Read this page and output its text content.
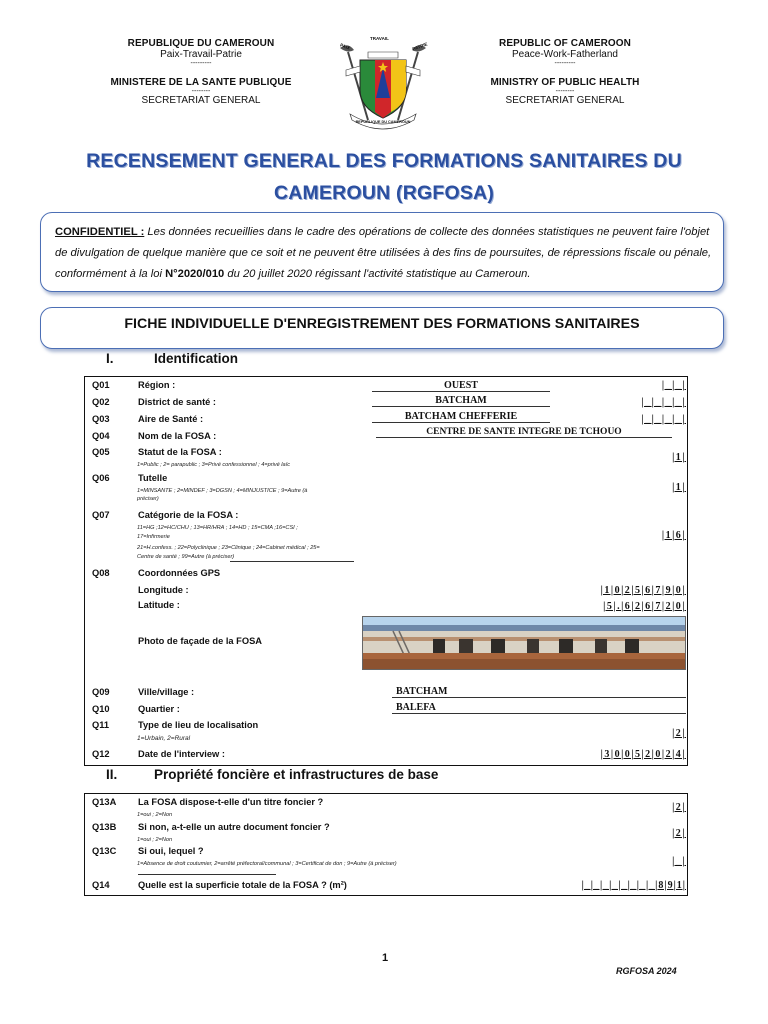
REPUBLIQUE DU CAMEROUN
Paix-Travail-Patrie
---------
MINISTERE DE LA SANTE PUBLIQUE
--------
SECRETARIAT GENERAL
REPUBLIC OF CAMEROON
Peace-Work-Fatherland
---------
MINISTRY OF PUBLIC HEALTH
--------
SECRETARIAT GENERAL
TRAVAIL
PAIX	PATRIE
REPUBLIQUE DU CAMEROUN
RECENSEMENT GENERAL DES FORMATIONS SANITAIRES DU
CAMEROUN (RGFOSA)
CONFIDENTIEL : Les données recueillies dans le cadre des opérations de collecte des données statistiques ne peuvent faire l'objet de divulgation de quelque manière que ce soit et ne peuvent être utilisées à des fins de poursuites, de répressions fiscale ou pénale, conformément à la loi N°2020/010 du 20 juillet 2020 régissant l'activité statistique au Cameroun.
FICHE INDIVIDUELLE D'ENREGISTREMENT DES FORMATIONS SANITAIRES
I.	Identification
Q01	Région :	OUEST	|_|_|
Q02	District de santé :	BATCHAM	|_|_|_|_|
Q03	Aire de Santé :	BATCHAM CHEFFERIE	|_|_|_|_|
Q04	Nom de la FOSA :	CENTRE DE SANTE INTEGRE DE TCHOUO
Q05	Statut de la FOSA :
1=Public ; 2= parapublic ; 3=Privé confessionnel ; 4=privé laïc
|1|
Q06	Tutelle
1=MINSANTE ; 2=MINDEF ; 3=DGSN ; 4=MINJUSTICE ; 9=Autre (à
préciser)
|1|
Q07	Catégorie de la FOSA :
11=HG ;12=HC/CHU ; 13=HR/HRA ; 14=HD ; 15=CMA ;16=CSI ;
17=Infirmerie
21=H.confess. ; 22=Polyclinique ; 23=Clinique ; 24=Cabinet médical ; 25=
Centre de santé ; 99=Autre (à préciser)
|1|6|
Q08	Coordonnées GPS
Longitude :	|1|0|2|5|6|7|9|0|
Latitude :	|5|.|6|2|6|7|2|0|
Photo de façade de la FOSA
Q09	Ville/village :	BATCHAM
Q10	Quartier :	BALEFA
Q11	Type de lieu de localisation
1=Urbain, 2=Rural	|2|
Q12	Date de l'interview :	|3|0|0|5|2|0|2|4|
II.	Propriété foncière et infrastructures de base
Q13A La FOSA dispose-t-elle d'un titre foncier ?
1=oui ; 2=Non
|2|
Q13B Si non, a-t-elle un autre document foncier ?
1=oui ; 2=Non
|2|
Q13C Si oui, lequel ?
1=Absence de droit coutumier, 2=arrêté préfectoral/communal ; 3=Certificat de don ; 9=Autre (à préciser)	|_|
Q14	Quelle est la superficie totale de la FOSA ? (m²)	|_|_|_|_|_|_|_|_|8|9|1|
1
RGFOSA 2024
